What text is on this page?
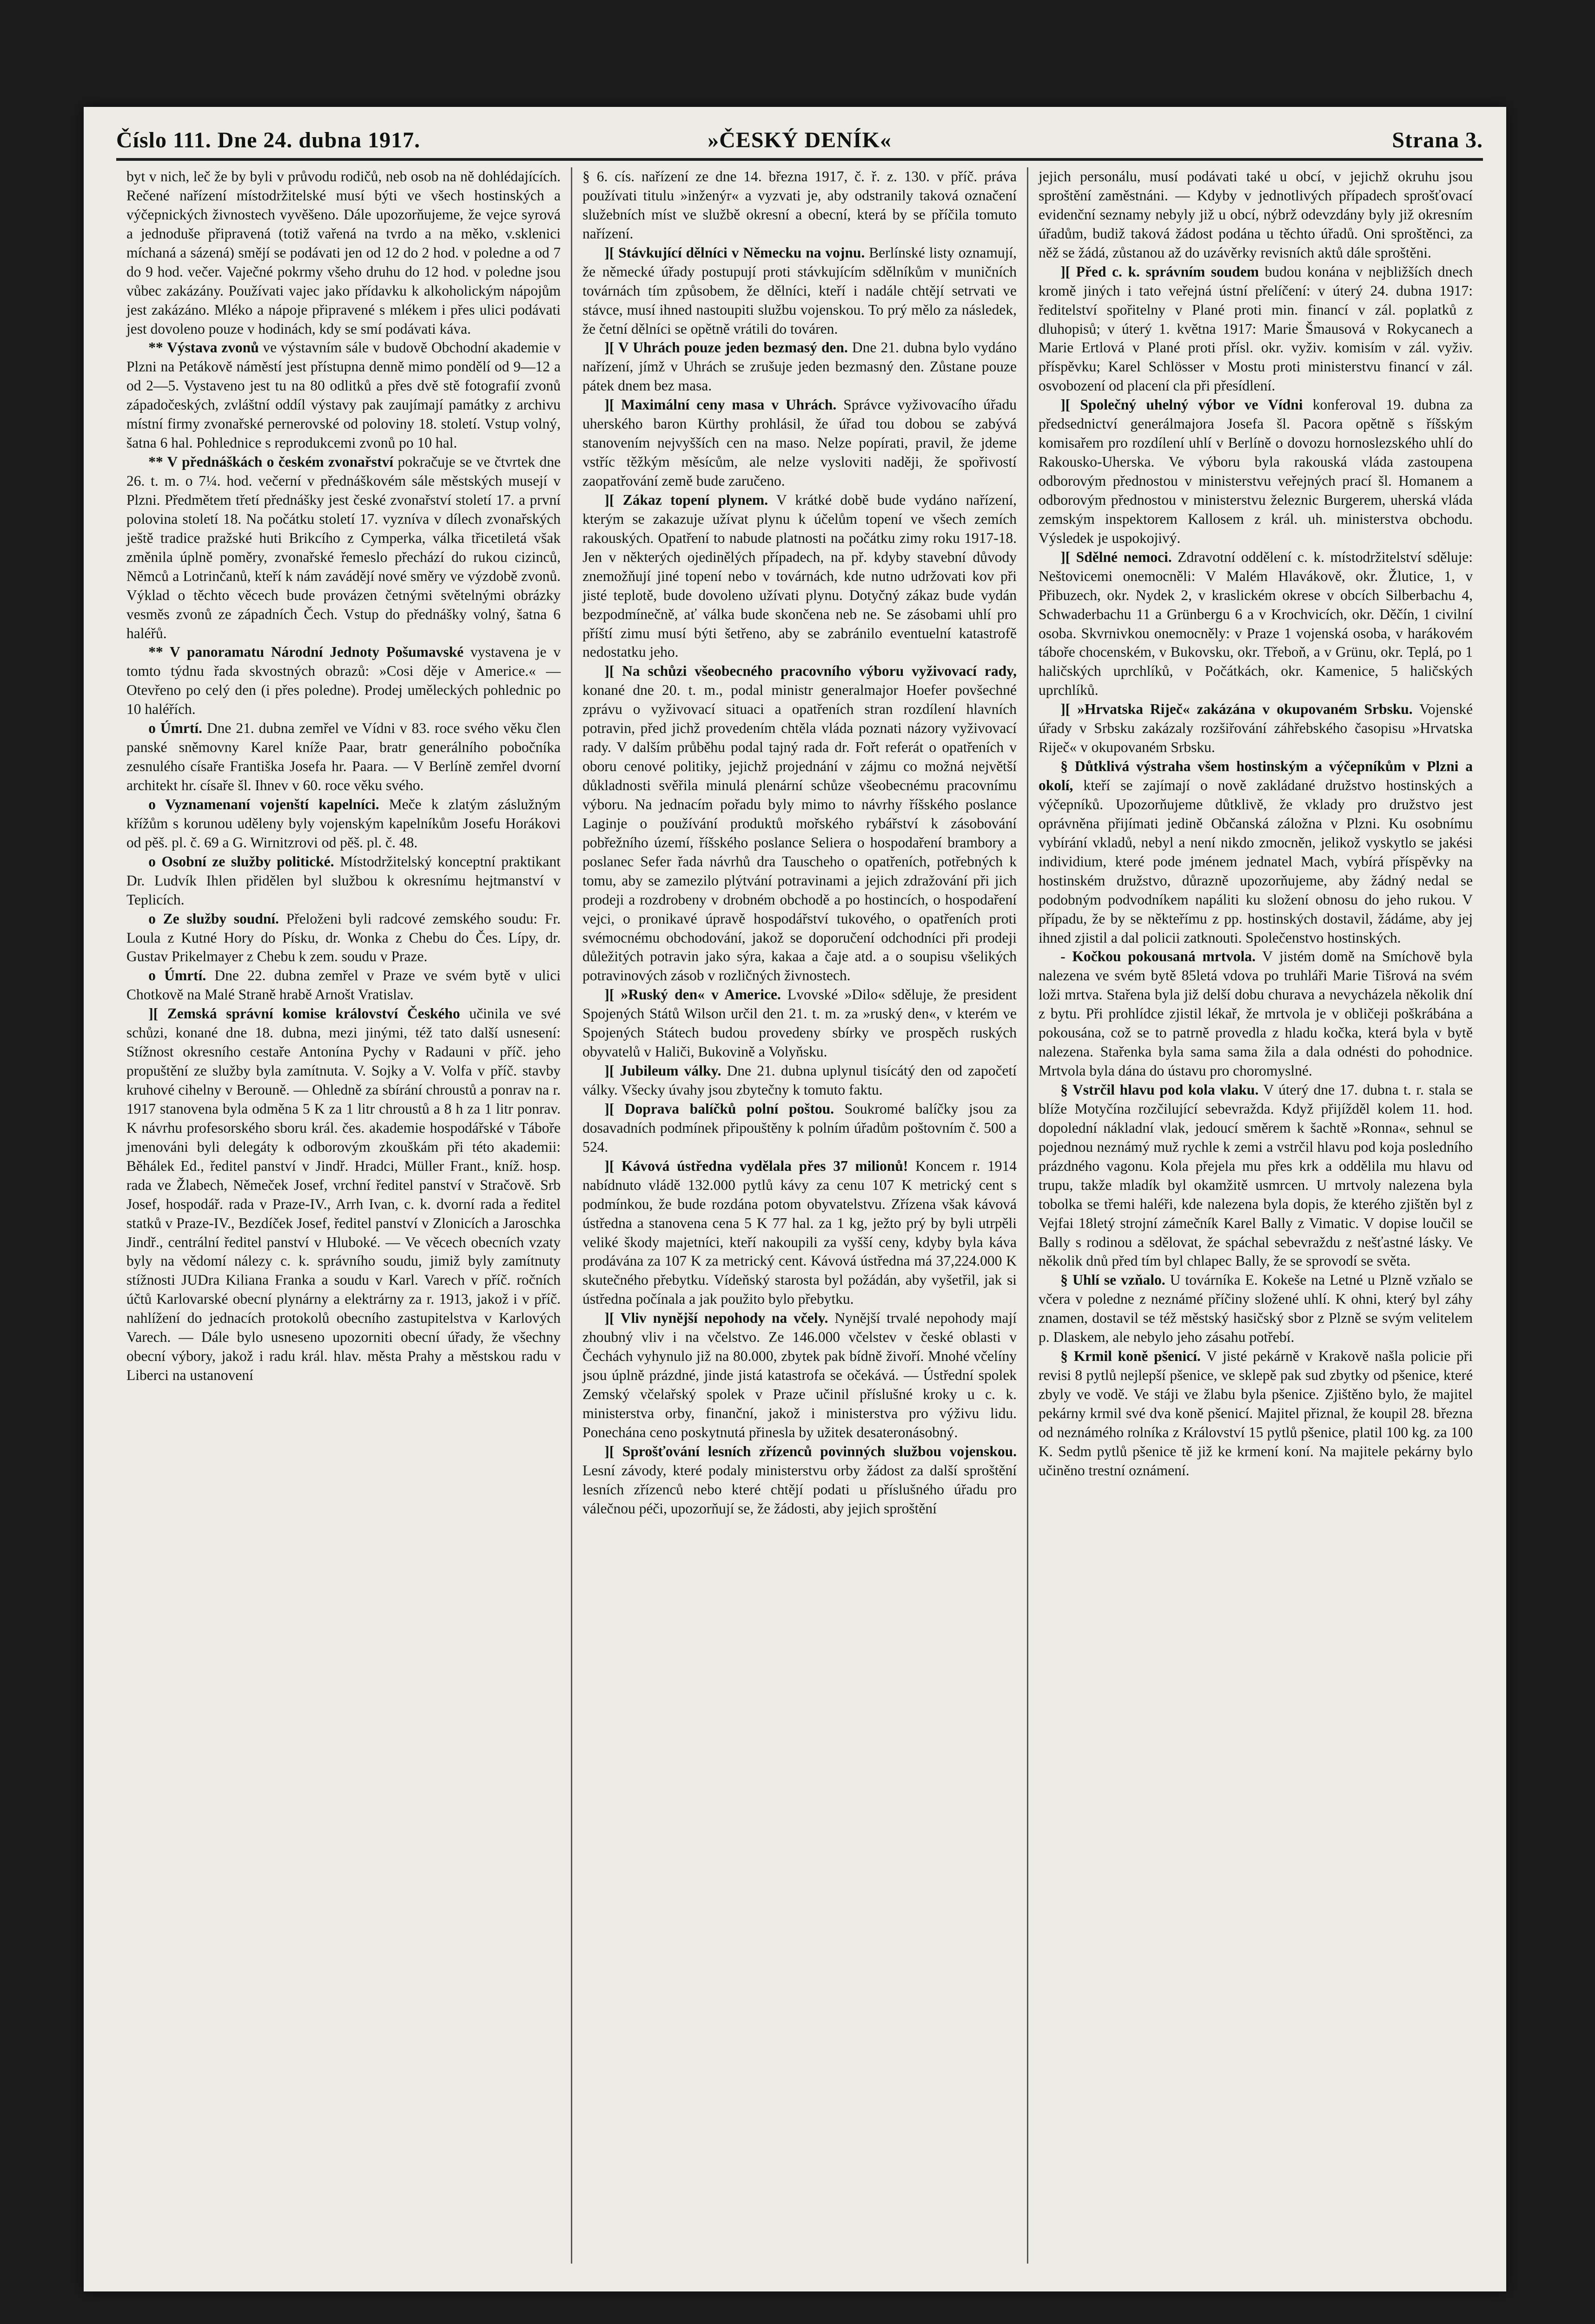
Číslo 111. Dne 24. dubna 1917.	»ČESKÝ DENÍK«	Strana 3.

byt v nich, leč že by byli v průvodu rodičů, neb osob na ně dohlédajících. Rečené nařízení místodržitelské musí býti ve všech hostinských a výčepnických živnostech vyvěšeno. Dále upozorňujeme, že vejce syrová a jednoduše připravená (totiž vařená na tvrdo a na měko, v.sklenici míchaná a sázená) smějí se podávati jen od 12 do 2 hod. v poledne a od 7 do 9 hod. večer. Vaječné pokrmy všeho druhu do 12 hod. v poledne jsou vůbec zakázány. Používati vajec jako přídavku k alkoholickým nápojům jest zakázáno. Mléko a nápoje připravené s mlékem i přes ulici podávati jest dovoleno pouze v hodinách, kdy se smí podávati káva.

** Výstava zvonů ve výstavním sále v budově Obchodní akademie v Plzni na Petákově náměstí jest přístupna denně mimo pondělí od 9—12 a od 2—5. Vystaveno jest tu na 80 odlitků a přes dvě stě fotografií zvonů západočeských, zvláštní oddíl výstavy pak zaujímají památky z archivu místní firmy zvonařské pernerovské od poloviny 18. století. Vstup volný, šatna 6 hal. Pohlednice s reprodukcemi zvonů po 10 hal.

** V přednáškách o českém zvonařství pokračuje se ve čtvrtek dne 26. t. m. o 7¼. hod. večerní v přednáškovém sále městských musejí v Plzni. Předmětem třetí přednášky jest české zvonařství století 17. a první polovina století 18. Na počátku století 17. vyzníva v dílech zvonařských ještě tradice pražské huti Brikcího z Cymperka, válka třicetiletá však změnila úplně poměry, zvonařské řemeslo přechází do rukou cizinců, Němců a Lotrinčanů, kteří k nám zavádějí nové směry ve výzdobě zvonů. Výklad o těchto věcech bude provázen četnými světelnými obrázky vesměs zvonů ze západních Čech. Vstup do přednášky volný, šatna 6 haléřů.

** V panoramatu Národní Jednoty Pošumavské vystavena je v tomto týdnu řada skvostných obrazů: »Cosi děje v Americe.« — Otevřeno po celý den (i přes poledne). Prodej uměleckých pohlednic po 10 haléřích.

o Úmrtí. Dne 21. dubna zemřel ve Vídni v 83. roce svého věku člen panské sněmovny Karel kníže Paar, bratr generálního pobočníka zesnulého císaře Františka Josefa hr. Paara. — V Berlíně zemřel dvorní architekt hr. císaře šl. Ihnev v 60. roce věku svého.

o Vyznamenaní vojenští kapelníci. Meče k zlatým záslužným křížům s korunou uděleny byly vojenským kapelníkům Josefu Horákovi od pěš. pl. č. 69 a G. Wirnitzrovi od pěš. pl. č. 48.

o Osobní ze služby politické. Místodržitelský konceptní praktikant Dr. Ludvík Ihlen přidělen byl službou k okresnímu hejtmanství v Teplicích.

o Ze služby soudní. Přeloženi byli radcové zemského soudu: Fr. Loula z Kutné Hory do Písku, dr. Wonka z Chebu do Čes. Lípy, dr. Gustav Prikelmayer z Chebu k zem. soudu v Praze.

o Úmrtí. Dne 22. dubna zemřel v Praze ve svém bytě v ulici Chotkově na Malé Straně hrabě Arnošt Vratislav.

][ Zemská správní komise království Českého učinila ve své schůzi, konané dne 18. dubna, mezi jinými, též tato další usnesení: Stížnost okresního cestaře Antonína Pychy v Radauni v příč. jeho propuštění ze služby byla zamítnuta. V. Sojky a V. Volfa v příč. stavby kruhové cihelny v Berouně. — Ohledně za sbírání chroustů a ponrav na r. 1917 stanovena byla odměna 5 K za 1 litr chroustů a 8 h za 1 litr ponrav. K návrhu profesorského sboru král. čes. akademie hospodářské v Táboře jmenováni byli delegáty k odborovým zkouškám při této akademii: Běhálek Ed., ředitel panství v Jindř. Hradci, Müller Frant., kníž. hosp. rada ve Žlabech, Němeček Josef, vrchní ředitel panství v Stračově. Srb Josef, hospodář. rada v Praze-IV., Arrh Ivan, c. k. dvorní rada a ředitel statků v Praze-IV., Bezdíček Josef, ředitel panství v Zlonicích a Jaroschka Jindř., centrální ředitel panství v Hluboké. — Ve věcech obecních vzaty byly na vědomí nálezy c. k. správního soudu, jimiž byly zamítnuty stížnosti JUDra Kiliana Franka a soudu v Karl. Varech v příč. ročních účtů Karlovarské obecní plynárny a elektrárny za r. 1913, jakož i v příč. nahlížení do jednacích protokolů obecního zastupitelstva v Karlových Varech. — Dále bylo usneseno upozorniti obecní úřady, že všechny obecní výbory, jakož i radu král. hlav. města Prahy a městskou radu v Liberci na ustanovení

§ 6. cís. nařízení ze dne 14. března 1917, č. ř. z. 130. v příč. práva používati titulu »inženýr« a vyzvati je, aby odstranily taková označení služebních míst ve službě okresní a obecní, která by se příčila tomuto nařízení.

][ Stávkující dělníci v Německu na vojnu. Berlínské listy oznamují, že německé úřady postupují proti stávkujícím sdělníkům v muničních továrnách tím způsobem, že dělníci, kteří i nadále chtějí setrvati ve stávce, musí ihned nastoupiti službu vojenskou. To prý mělo za následek, že četní dělníci se opětně vrátili do továren.

][ V Uhrách pouze jeden bezmasý den. Dne 21. dubna bylo vydáno nařízení, jímž v Uhrách se zrušuje jeden bezmasný den. Zůstane pouze pátek dnem bez masa.

][ Maximální ceny masa v Uhrách. Správce vyživovacího úřadu uherského baron Kürthy prohlásil, že úřad tou dobou se zabývá stanovením nejvyšších cen na maso. Nelze popírati, pravil, že jdeme vstříc těžkým měsícům, ale nelze vysloviti naději, že spořivostí zaopatřování země bude zaručeno.

][ Zákaz topení plynem. V krátké době bude vydáno nařízení, kterým se zakazuje užívat plynu k účelům topení ve všech zemích rakouských. Opatření to nabude platnosti na počátku zimy roku 1917-18. Jen v některých ojedinělých případech, na př. kdyby stavební důvody znemožňují jiné topení nebo v továrnách, kde nutno udržovati kov při jisté teplotě, bude dovoleno užívati plynu. Dotyčný zákaz bude vydán bezpodmínečně, ať válka bude skončena neb ne. Se zásobami uhlí pro příští zimu musí býti šetřeno, aby se zabránilo eventuelní katastrofě nedostatku jeho.

][ Na schůzi všeobecného pracovního výboru vyživovací rady, konané dne 20. t. m., podal ministr generalmajor Hoefer povšechné zprávu o vyživovací situaci a opatřeních stran rozdílení hlavních potravin, před jichž provedením chtěla vláda poznati názory vyživovací rady. V dalším průběhu podal tajný rada dr. Fořt referát o opatřeních v oboru cenové politiky, jejichž projednání v zájmu co možná největší důkladnosti svěřila minulá plenární schůze všeobecnému pracovnímu výboru. Na jednacím pořadu byly mimo to návrhy říšského poslance Laginje o používání produktů mořského rybářství k zásobování pobřežního území, říšského poslance Seliera o hospodaření brambory a poslanec Sefer řada návrhů dra Tauscheho o opatřeních, potřebných k tomu, aby se zamezilo plýtvání potravinami a jejich zdražování při jich prodeji a rozdrobeny v drobném obchodě a po hostincích, o hospodaření vejci, o pronikavé úpravě hospodářství tukového, o opatřeních proti svémocnému obchodování, jakož se doporučení odchodníci při prodeji důležitých potravin jako sýra, kakaa a čaje atd. a o soupisu všelikých potravinových zásob v rozličných živnostech.

][ »Ruský den« v Americe. Lvovské »Dilo« sděluje, že president Spojených Států Wilson určil den 21. t. m. za »ruský den«, v kterém ve Spojených Státech budou provedeny sbírky ve prospěch ruských obyvatelů v Haliči, Bukovině a Volyňsku.

][ Jubileum války. Dne 21. dubna uplynul tisícátý den od započetí války. Všecky úvahy jsou zbytečny k tomuto faktu.

][ Doprava balíčků polní poštou. Soukromé balíčky jsou za dosavadních podmínek připouštěny k polním úřadům poštovním č. 500 a 524.

][ Kávová ústředna vydělala přes 37 milionů! Koncem r. 1914 nabídnuto vládě 132.000 pytlů kávy za cenu 107 K metrický cent s podmínkou, že bude rozdána potom obyvatelstvu. Zřízena však kávová ústředna a stanovena cena 5 K 77 hal. za 1 kg, ježto prý by byli utrpěli veliké škody majetníci, kteří nakoupili za vyšší ceny, kdyby byla káva prodávána za 107 K za metrický cent. Kávová ústředna má 37,224.000 K skutečného přebytku. Vídeňský starosta byl požádán, aby vyšetřil, jak si ústředna počínala a jak použito bylo přebytku.

][ Vliv nynější nepohody na včely. Nynější trvalé nepohody mají zhoubný vliv i na včelstvo. Ze 146.000 včelstev v české oblasti v Čechách vyhynulo již na 80.000, zbytek pak bídně živoří. Mnohé včelíny jsou úplně prázdné, jinde jistá katastrofa se očekává. — Ústřední spolek Zemský včelařský spolek v Praze učinil příslušné kroky u c. k. ministerstva orby, finanční, jakož i ministerstva pro výživu lidu. Ponechána ceno poskytnutá přinesla by užitek desateronásobný.

][ Sprošťování lesních zřízenců povinných službou vojenskou. Lesní závody, které podaly ministerstvu orby žádost za další sproštění lesních zřízenců nebo které chtějí podati u příslušného úřadu pro válečnou péči, upozorňují se, že žádosti, aby jejich sproštění

jejich personálu, musí podávati také u obcí, v jejichž okruhu jsou sproštění zaměstnáni. — Kdyby v jednotlivých případech sprošťovací evidenční seznamy nebyly již u obcí, nýbrž odevzdány byly již okresním úřadům, budiž taková žádost podána u těchto úřadů. Oni sproštěnci, za něž se žádá, zůstanou až do uzávěrky revisních aktů dále sproštěni.

][ Před c. k. správním soudem budou konána v nejbližších dnech kromě jiných i tato veřejná ústní přelíčení: v úterý 24. dubna 1917: ředitelství spořitelny v Plané proti min. financí v zál. poplatků z dluhopisů; v úterý 1. května 1917: Marie Šmausová v Rokycanech a Marie Ertlová v Plané proti přísl. okr. vyživ. komisím v zál. vyživ. příspěvku; Karel Schlösser v Mostu proti ministerstvu financí v zál. osvobození od placení cla při přesídlení.

][ Společný uhelný výbor ve Vídni konferoval 19. dubna za předsednictví generálmajora Josefa šl. Pacora opětně s říšským komisařem pro rozdílení uhlí v Berlíně o dovozu hornoslezského uhlí do Rakousko-Uherska. Ve výboru byla rakouská vláda zastoupena odborovým přednostou v ministerstvu veřejných prací šl. Homanem a odborovým přednostou v ministerstvu železnic Burgerem, uherská vláda zemským inspektorem Kallosem z král. uh. ministerstva obchodu. Výsledek je uspokojivý.

][ Sdělné nemoci. Zdravotní oddělení c. k. místodržitelství sděluje: Neštovicemi onemocněli: V Malém Hlavákově, okr. Žlutice, 1, v Přibuzech, okr. Nydek 2, v kraslickém okrese v obcích Silberbachu 4, Schwaderbachu 11 a Grünbergu 6 a v Krochvicích, okr. Děčín, 1 civilní osoba. Skvrnivkou onemocněly: v Praze 1 vojenská osoba, v harákovém táboře chocenském, v Bukovsku, okr. Třeboň, a v Grünu, okr. Teplá, po 1 haličských uprchlíků, v Počátkách, okr. Kamenice, 5 haličských uprchlíků.

][ »Hrvatska Riječ« zakázána v okupovaném Srbsku. Vojenské úřady v Srbsku zakázaly rozšiřování záhřebského časopisu »Hrvatska Riječ« v okupovaném Srbsku.

§ Důtklivá výstraha všem hostinským a výčepníkům v Plzni a okolí, kteří se zajímají o nově zakládané družstvo hostinských a výčepníků. Upozorňujeme důtklivě, že vklady pro družstvo jest oprávněna přijímati jedině Občanská záložna v Plzni. Ku osobnímu vybírání vkladů, nebyl a není nikdo zmocněn, jelikož vyskytlo se jakési individium, které pode jménem jednatel Mach, vybírá příspěvky na hostinském družstvo, důrazně upozorňujeme, aby žádný nedal se podobným podvodníkem napáliti ku složení obnosu do jeho rukou. V případu, že by se někteřímu z pp. hostinských dostavil, žádáme, aby jej ihned zjistil a dal policii zatknouti. Společenstvo hostinských.

- Kočkou pokousaná mrtvola. V jistém domě na Smíchově byla nalezena ve svém bytě 85letá vdova po truhláři Marie Tišrová na svém loži mrtva. Stařena byla již delší dobu churava a nevycházela několik dní z bytu. Při prohlídce zjistil lékař, že mrtvola je v obličeji poškrábána a pokousána, což se to patrně provedla z hladu kočka, která byla v bytě nalezena. Stařenka byla sama sama žila a dala odnésti do pohodnice. Mrtvola byla dána do ústavu pro choromyslné.

§ Vstrčil hlavu pod kola vlaku. V úterý dne 17. dubna t. r. stala se blíže Motyčína rozčilující sebevražda. Když přijížděl kolem 11. hod. dopolední nákladní vlak, jedoucí směrem k šachtě »Ronna«, sehnul se pojednou neznámý muž rychle k zemi a vstrčil hlavu pod koja posledního prázdného vagonu. Kola přejela mu přes krk a oddělila mu hlavu od trupu, takže mladík byl okamžitě usmrcen. U mrtvoly nalezena byla tobolka se třemi haléři, kde nalezena byla dopis, že kterého zjištěn byl z Vejfai 18letý strojní zámečník Karel Bally z Vimatic. V dopise loučil se Bally s rodinou a sdělovat, že spáchal sebevraždu z nešťastné lásky. Ve několik dnů před tím byl chlapec Bally, že se sprovodí se světa.

§ Uhlí se vzňalo. U továrníka E. Kokeše na Letné u Plzně vzňalo se včera v poledne z neznámé příčiny složené uhlí. K ohni, který byl záhy znamen, dostavil se též městský hasičský sbor z Plzně se svým velitelem p. Dlaskem, ale nebylo jeho zásahu potřebí.

§ Krmil koně pšenicí. V jisté pekárně v Krakově našla policie při revisi 8 pytlů nejlepší pšenice, ve sklepě pak sud zbytky od pšenice, které zbyly ve vodě. Ve stáji ve žlabu byla pšenice. Zjištěno bylo, že majitel pekárny krmil své dva koně pšenicí. Majitel přiznal, že koupil 28. března od neznámého rolníka z Království 15 pytlů pšenice, platil 100 kg. za 100 K. Sedm pytlů pšenice tě již ke krmení koní. Na majitele pekárny bylo učiněno trestní oznámení.
